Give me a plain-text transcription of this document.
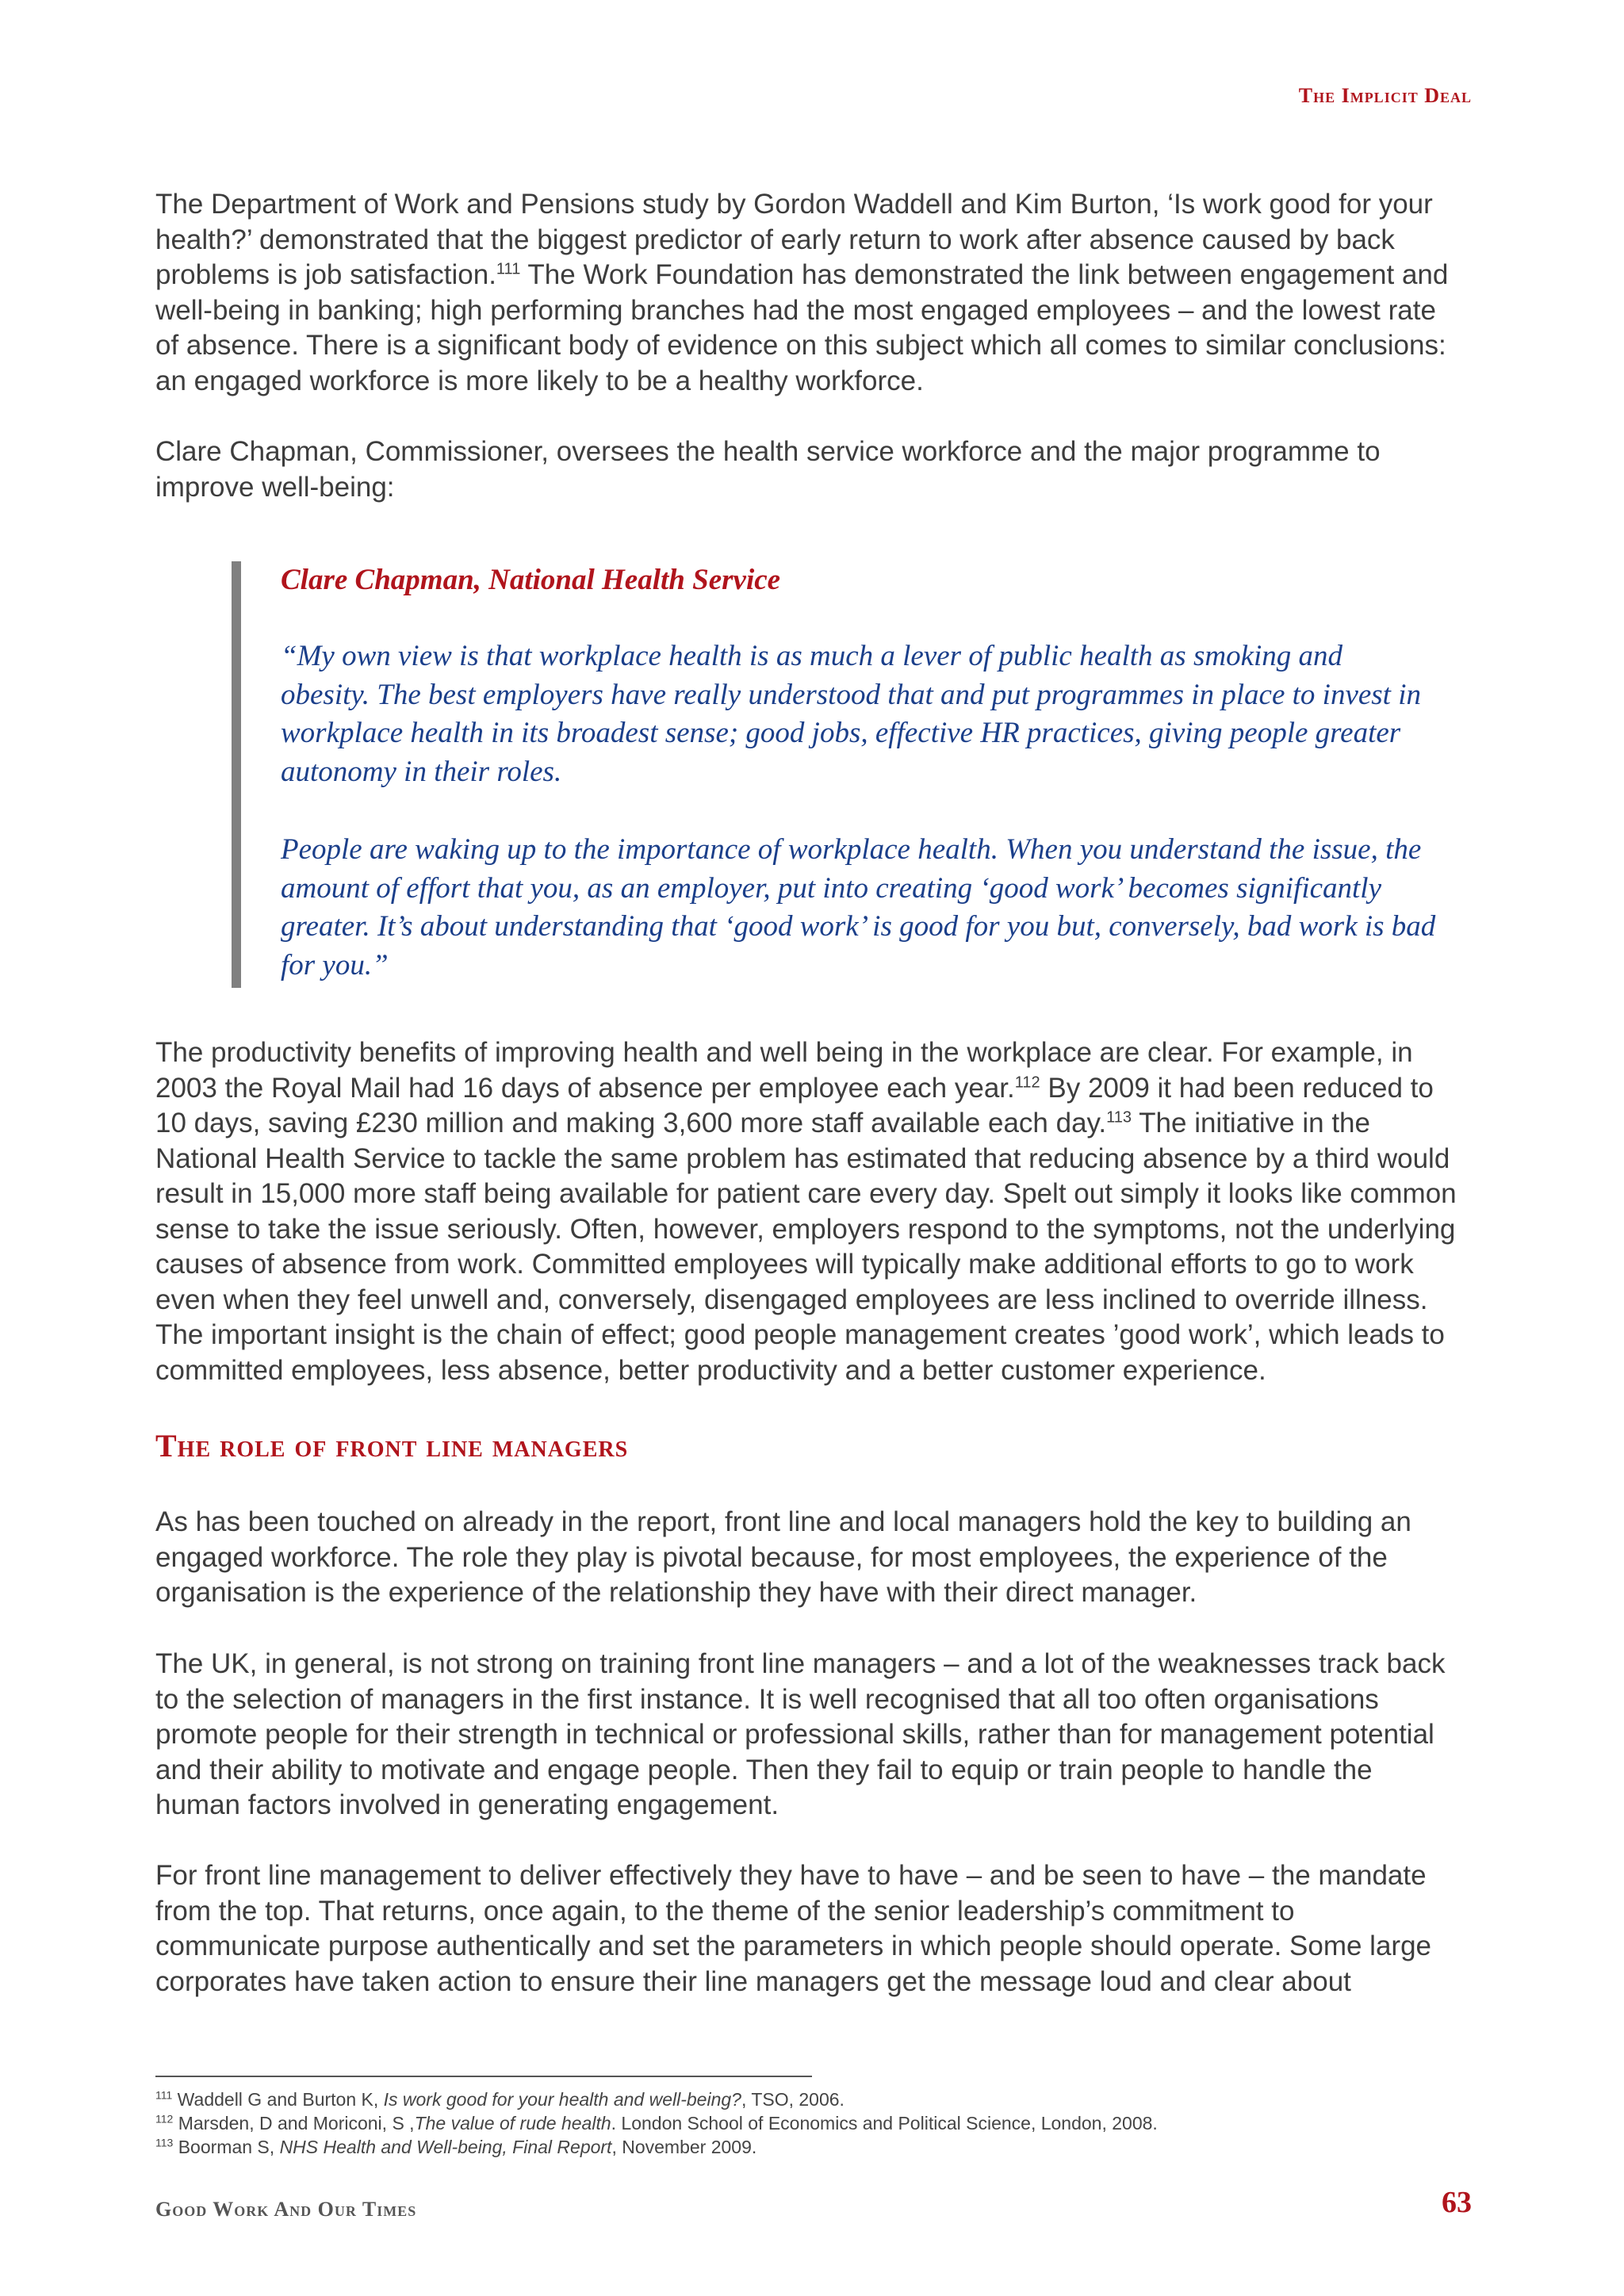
The Implicit Deal

The Department of Work and Pensions study by Gordon Waddell and Kim Burton, ‘Is work good for your health?’ demonstrated that the biggest predictor of early return to work after absence caused by back problems is job satisfaction.$^{111}$ The Work Foundation has demonstrated the link between engagement and well-being in banking; high performing branches had the most engaged employees – and the lowest rate of absence. There is a significant body of evidence on this subject which all comes to similar conclusions: an engaged workforce is more likely to be a healthy workforce.

Clare Chapman, Commissioner, oversees the health service workforce and the major programme to improve well-being:

Clare Chapman, National Health Service

“My own view is that workplace health is as much a lever of public health as smoking and obesity. The best employers have really understood that and put programmes in place to invest in workplace health in its broadest sense; good jobs, effective HR practices, giving people greater autonomy in their roles.

People are waking up to the importance of workplace health. When you understand the issue, the amount of effort that you, as an employer, put into creating ‘good work’ becomes significantly greater. It’s about understanding that ‘good work’ is good for you but, conversely, bad work is bad for you.”

The productivity benefits of improving health and well being in the workplace are clear. For example, in 2003 the Royal Mail had 16 days of absence per employee each year.$^{112}$ By 2009 it had been reduced to 10 days, saving £230 million and making 3,600 more staff available each day.$^{113}$ The initiative in the National Health Service to tackle the same problem has estimated that reducing absence by a third would result in 15,000 more staff being available for patient care every day. Spelt out simply it looks like common sense to take the issue seriously. Often, however, employers respond to the symptoms, not the underlying causes of absence from work. Committed employees will typically make additional efforts to go to work even when they feel unwell and, conversely, disengaged employees are less inclined to override illness. The important insight is the chain of effect; good people management creates ’good work’, which leads to committed employees, less absence, better productivity and a better customer experience.

The role of front line managers

As has been touched on already in the report, front line and local managers hold the key to building an engaged workforce. The role they play is pivotal because, for most employees, the experience of the organisation is the experience of the relationship they have with their direct manager.

The UK, in general, is not strong on training front line managers – and a lot of the weaknesses track back to the selection of managers in the first instance. It is well recognised that all too often organisations promote people for their strength in technical or professional skills, rather than for management potential and their ability to motivate and engage people. Then they fail to equip or train people to handle the human factors involved in generating engagement.

For front line management to deliver effectively they have to have – and be seen to have – the mandate from the top. That returns, once again, to the theme of the senior leadership’s commitment to communicate purpose authentically and set the parameters in which people should operate. Some large corporates have taken action to ensure their line managers get the message loud and clear about

$^{111}$ Waddell G and Burton K, Is work good for your health and well-being?, TSO, 2006.

$^{112}$ Marsden, D and Moriconi, S ,The value of rude health. London School of Economics and Political Science, London, 2008.

$^{113}$ Boorman S, NHS Health and Well-being, Final Report, November 2009.

Good Work And Our Times	63
